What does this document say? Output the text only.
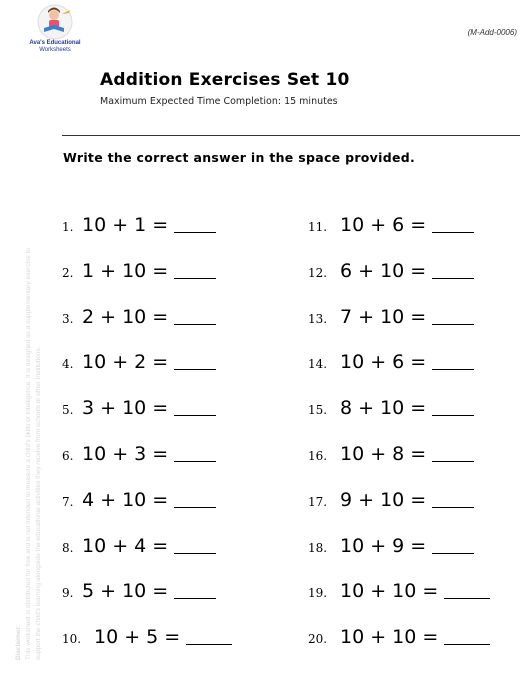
Ava's Educational
Worksheets
(M-Add-0006)
Addition Exercises Set 10
Maximum Expected Time Completion: 15 minutes
Write the correct answer in the space provided.
Disclaimer: This worksheet is distributed for free and is not intended to measure a child's skills or intelligence. It is designed as a supplementary exercise to support the child's learning alongside the educational activities they receive from schools or other institutions.
1. 10 + 1 =
2. 1 + 10 =
3. 2 + 10 =
4. 10 + 2 =
5. 3 + 10 =
6. 10 + 3 =
7. 4 + 10 =
8. 10 + 4 =
9. 5 + 10 =
10. 10 + 5 =
11. 10 + 6 =
12. 6 + 10 =
13. 7 + 10 =
14. 10 + 6 =
15. 8 + 10 =
16. 10 + 8 =
17. 9 + 10 =
18. 10 + 9 =
19. 10 + 10 =
20. 10 + 10 =
